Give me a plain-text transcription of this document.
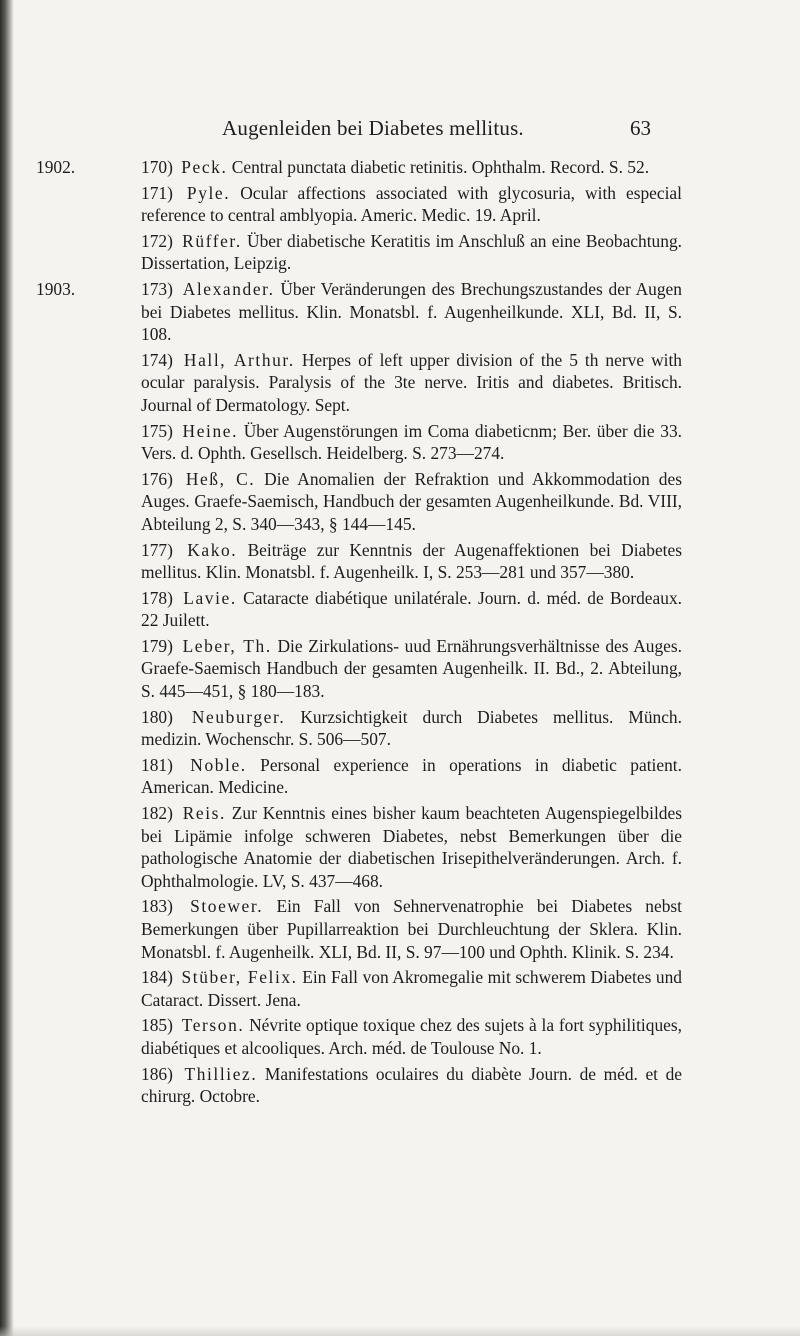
Augenleiden bei Diabetes mellitus.	63
1902.	170) Peck. Central punctata diabetic retinitis. Ophthalm. Record. S. 52.
171) Pyle. Ocular affections associated with glycosuria, with especial reference to central amblyopia. Americ. Medic. 19. April.
172) Rüffer. Über diabetische Keratitis im Anschluß an eine Beobachtung. Dissertation, Leipzig.
1903.	173) Alexander. Über Veränderungen des Brechungszustandes der Augen bei Diabetes mellitus. Klin. Monatsbl. f. Augenheilkunde. XLI, Bd. II, S. 108.
174) Hall, Arthur. Herpes of left upper division of the 5 th nerve with ocular paralysis. Paralysis of the 3te nerve. Iritis and diabetes. Britisch. Journal of Dermatology. Sept.
175) Heine. Über Augenstörungen im Coma diabeticnm; Ber. über die 33. Vers. d. Ophth. Gesellsch. Heidelberg. S. 273—274.
176) Heß, C. Die Anomalien der Refraktion und Akkommodation des Auges. Graefe-Saemisch, Handbuch der gesamten Augenheilkunde. Bd. VIII, Abteilung 2, S. 340—343, § 144—145.
177) Kako. Beiträge zur Kenntnis der Augenaffektionen bei Diabetes mellitus. Klin. Monatsbl. f. Augenheilk. I, S. 253—281 und 357—380.
178) Lavie. Cataracte diabétique unilatérale. Journ. d. méd. de Bordeaux. 22 Juilett.
179) Leber, Th. Die Zirkulations- uud Ernährungsverhältnisse des Auges. Graefe-Saemisch Handbuch der gesamten Augenheilk. II. Bd., 2. Abteilung, S. 445—451, § 180—183.
180) Neuburger. Kurzsichtigkeit durch Diabetes mellitus. Münch. medizin. Wochenschr. S. 506—507.
181) Noble. Personal experience in operations in diabetic patient. American. Medicine.
182) Reis. Zur Kenntnis eines bisher kaum beachteten Augenspiegelbildes bei Lipämie infolge schweren Diabetes, nebst Bemerkungen über die pathologische Anatomie der diabetischen Irisepithelveränderungen. Arch. f. Ophthalmologie. LV, S. 437—468.
183) Stoewer. Ein Fall von Sehnervenatrophie bei Diabetes nebst Bemerkungen über Pupillarreaktion bei Durchleuchtung der Sklera. Klin. Monatsbl. f. Augenheilk. XLI, Bd. II, S. 97—100 und Ophth. Klinik. S. 234.
184) Stüber, Felix. Ein Fall von Akromegalie mit schwerem Diabetes und Cataract. Dissert. Jena.
185) Terson. Névrite optique toxique chez des sujets à la fort syphilitiques, diabétiques et alcooliques. Arch. méd. de Toulouse No. 1.
186) Thilliez. Manifestations oculaires du diabète Journ. de méd. et de chirurg. Octobre.
